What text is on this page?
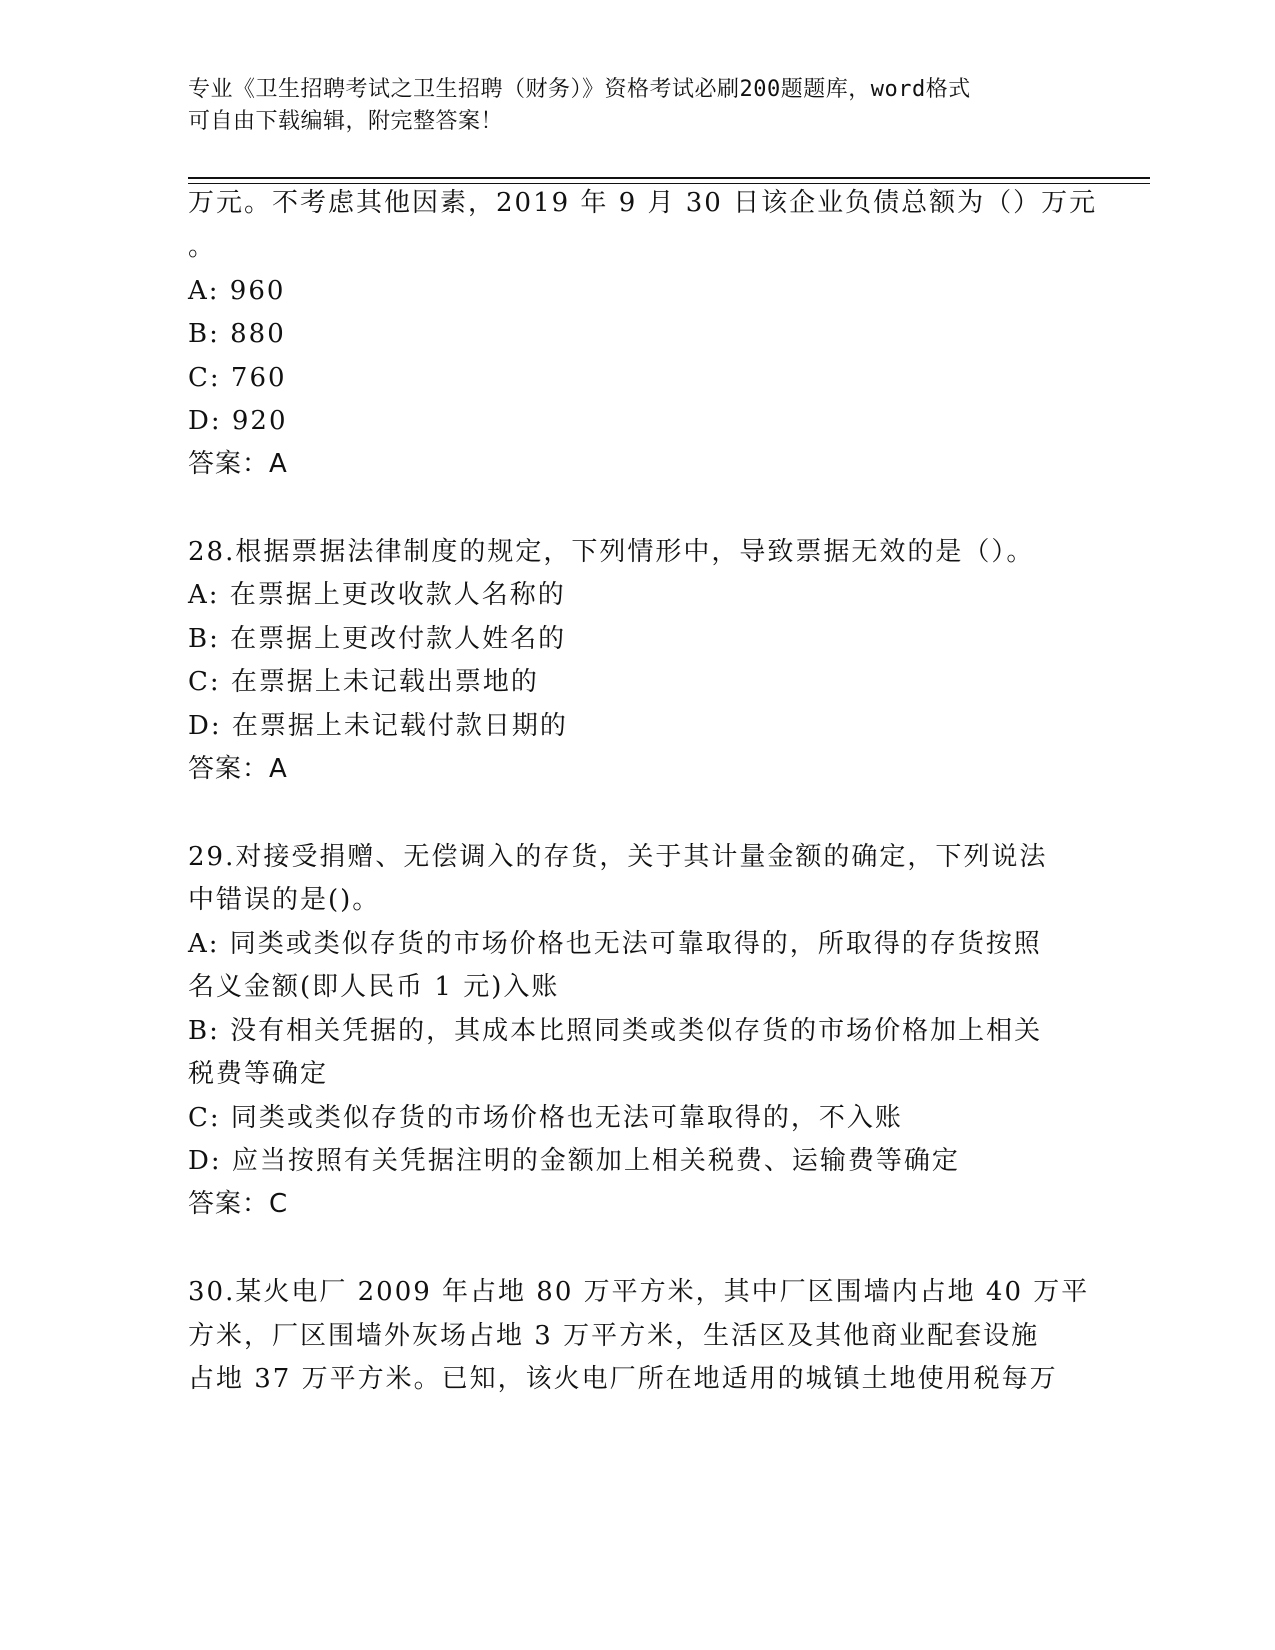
专业《卫生招聘考试之卫生招聘（财务）》资格考试必刷200题题库，word格式
可自由下载编辑，附完整答案！
万元。不考虑其他因素，2019 年 9 月 30 日该企业负债总额为（）万元
。
A: 960
B: 880
C: 760
D: 920
答案：A
28.根据票据法律制度的规定，下列情形中，导致票据无效的是（）。
A: 在票据上更改收款人名称的
B: 在票据上更改付款人姓名的
C: 在票据上未记载出票地的
D: 在票据上未记载付款日期的
答案：A
29.对接受捐赠、无偿调入的存货，关于其计量金额的确定，下列说法
中错误的是()。
A: 同类或类似存货的市场价格也无法可靠取得的，所取得的存货按照
名义金额(即人民币 1 元)入账
B: 没有相关凭据的，其成本比照同类或类似存货的市场价格加上相关
税费等确定
C: 同类或类似存货的市场价格也无法可靠取得的，不入账
D: 应当按照有关凭据注明的金额加上相关税费、运输费等确定
答案：C
30.某火电厂 2009 年占地 80 万平方米，其中厂区围墙内占地 40 万平
方米，厂区围墙外灰场占地 3 万平方米，生活区及其他商业配套设施
占地 37 万平方米。已知，该火电厂所在地适用的城镇土地使用税每万
